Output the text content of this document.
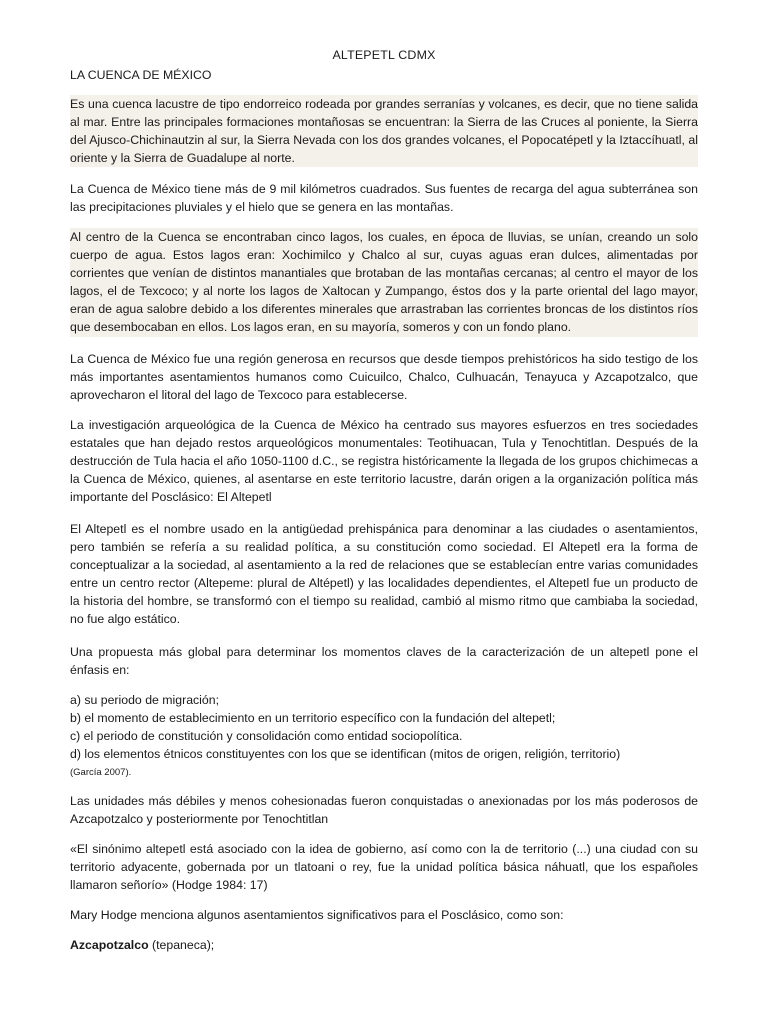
ALTEPETL CDMX

LA CUENCA DE MÉXICO

Es una cuenca lacustre de tipo endorreico rodeada por grandes serranías y volcanes, es decir, que no tiene salida al mar. Entre las principales formaciones montañosas se encuentran: la Sierra de las Cruces al poniente, la Sierra del Ajusco-Chichinautzin al sur, la Sierra Nevada con los dos grandes volcanes, el Popocatépetl y la Iztaccíhuatl, al oriente y la Sierra de Guadalupe al norte.

La Cuenca de México tiene más de 9 mil kilómetros cuadrados. Sus fuentes de recarga del agua subterránea son las precipitaciones pluviales y el hielo que se genera en las montañas.

Al centro de la Cuenca se encontraban cinco lagos, los cuales, en época de lluvias, se unían, creando un solo cuerpo de agua. Estos lagos eran: Xochimilco y Chalco al sur, cuyas aguas eran dulces, alimentadas por corrientes que venían de distintos manantiales que brotaban de las montañas cercanas; al centro el mayor de los lagos, el de Texcoco; y al norte los lagos de Xaltocan y Zumpango, éstos dos y la parte oriental del lago mayor, eran de agua salobre debido a los diferentes minerales que arrastraban las corrientes broncas de los distintos ríos que desembocaban en ellos. Los lagos eran, en su mayoría, someros y con un fondo plano.

La Cuenca de México fue una región generosa en recursos que desde tiempos prehistóricos ha sido testigo de los más importantes asentamientos humanos como Cuicuilco, Chalco, Culhuacán, Tenayuca y Azcapotzalco, que aprovecharon el litoral del lago de Texcoco para establecerse.

La investigación arqueológica de la Cuenca de México ha centrado sus mayores esfuerzos en tres sociedades estatales que han dejado restos arqueológicos monumentales: Teotihuacan, Tula y Tenochtitlan. Después de la destrucción de Tula hacia el año 1050-1100 d.C., se registra históricamente la llegada de los grupos chichimecas a la Cuenca de México, quienes, al asentarse en este territorio lacustre, darán origen a la organización política más importante del Posclásico: El Altepetl

El Altepetl es el nombre usado en la antigüedad prehispánica para denominar a las ciudades o asentamientos, pero también se refería a su realidad política, a su constitución como sociedad. El Altepetl era la forma de conceptualizar a la sociedad, al asentamiento a la red de relaciones que se establecían entre varias comunidades entre un centro rector (Altepeme: plural de Altépetl) y las localidades dependientes, el Altepetl fue un producto de la historia del hombre, se transformó con el tiempo su realidad, cambió al mismo ritmo que cambiaba la sociedad, no fue algo estático.

Una propuesta más global para determinar los momentos claves de la caracterización de un altepetl pone el énfasis en:

a) su periodo de migración;

b) el momento de establecimiento en un territorio específico con la fundación del altepetl;

c) el periodo de constitución y consolidación como entidad sociopolítica.

d) los elementos étnicos constituyentes con los que se identifican (mitos de origen, religión, territorio)

(García 2007).

Las unidades más débiles y menos cohesionadas fueron conquistadas o anexionadas por los más poderosos de Azcapotzalco y posteriormente por Tenochtitlan

«El sinónimo altepetl está asociado con la idea de gobierno, así como con la de territorio (...) una ciudad con su territorio adyacente, gobernada por un tlatoani o rey, fue la unidad política básica náhuatl, que los españoles llamaron señorío» (Hodge 1984: 17)

Mary Hodge menciona algunos asentamientos significativos para el Posclásico, como son:

Azcapotzalco (tepaneca);
